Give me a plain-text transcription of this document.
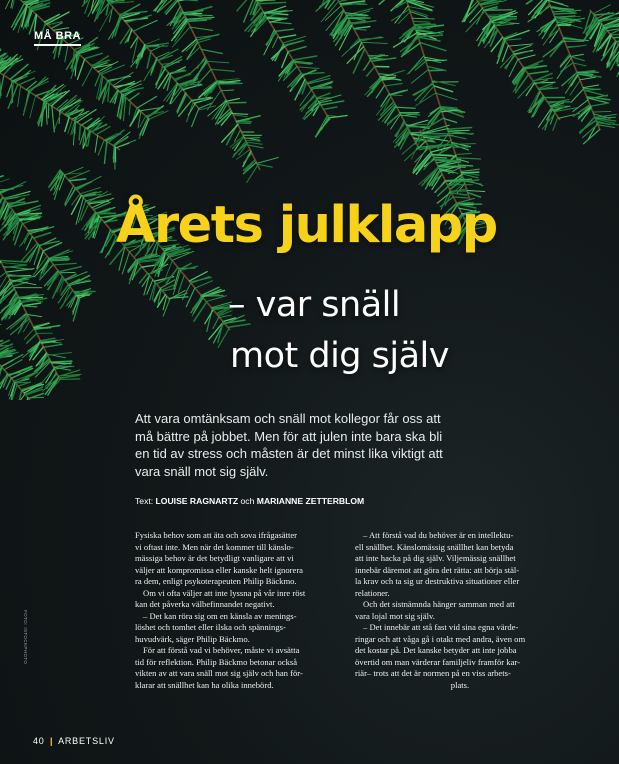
MÅ BRA
Årets julklapp
– var snäll
mot dig själv
Att vara omtänksam och snäll mot kollegor får oss att
må bättre på jobbet. Men för att julen inte bara ska bli
en tid av stress och måsten är det minst lika viktigt att
vara snäll mot sig själv.
Text: LOUISE RAGNARTZ och MARIANNE ZETTERBLOM

Fysiska behov som att äta och sova ifrågasätter

vi oftast inte. Men när det kommer till känslo-

mässiga behov är det betydligt vanligare att vi

väljer att kompromissa eller kanske helt ignorera

ra dem, enligt psykoterapeuten Philip Bäckmo.

Om vi ofta väljer att inte lyssna på vår inre röst

kan det påverka välbefinnandet negativt.

– Det kan röra sig om en känsla av menings-

löshet och tomhet eller ilska och spännings-

huvudvärk, säger Philip Bäckmo.

För att förstå vad vi behöver, måste vi avsätta

tid för reflektion. Philip Bäckmo betonar också

vikten av att vara snäll mot sig själv och han för-

klarar att snällhet kan ha olika innebörd.

– Att förstå vad du behöver är en intellektu-

ell snällhet. Känslomässig snällhet kan betyda

att inte hacka på dig själv. Viljemässig snällhet

innebär däremot att göra det rätta: att börja stäl-

la krav och ta sig ur destruktiva situationer eller

relationer.

Och det sistnämnda hänger samman med att

vara lojal mot sig själv.

– Det innebär att stå fast vid sina egna värde-

ringar och att våga gå i otakt med andra, även om

det kostar på. Det kanske betyder att inte jobba

övertid om man värderar familjeliv framför kar-

riär– trots att det är normen på en viss arbets-

plats.

FOTO: ISTOCKPHOTO
40 | ARBETSLIV
